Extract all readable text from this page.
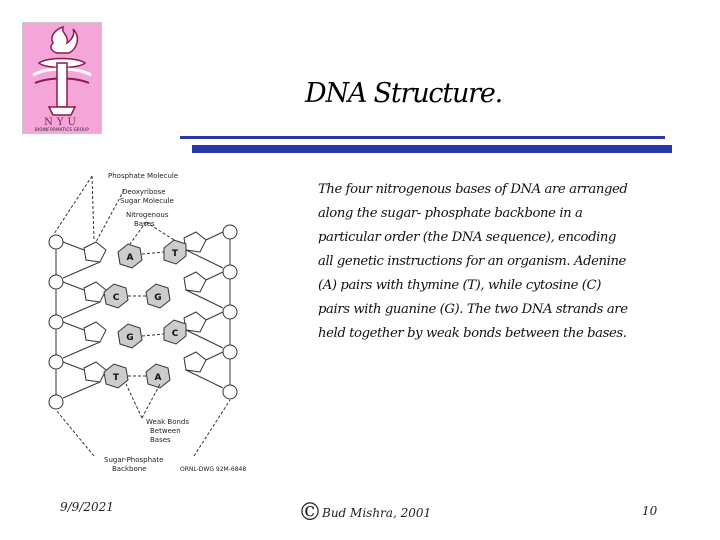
NYU
BIOINFORMATICS GROUP
DNA Structure.
Phosphate Molecule
Deoxyribose
Sugar Molecule
Nitrogenous
Bases
Weak Bonds
Between
Bases
Sugar-Phosphate
Backbone	ORNL-DWG 92M-6848
A	T
C	G
G	C
T	A
The four nitrogenous bases of DNA are arranged along the sugar- phosphate backbone in a particular order (the DNA sequence), encoding all genetic instructions for an organism. Adenine (A) pairs with thymine (T), while cytosine (C) pairs with guanine (G). The two DNA strands are held together by weak bonds between the bases.
9/9/2021	©Bud Mishra, 2001	10
